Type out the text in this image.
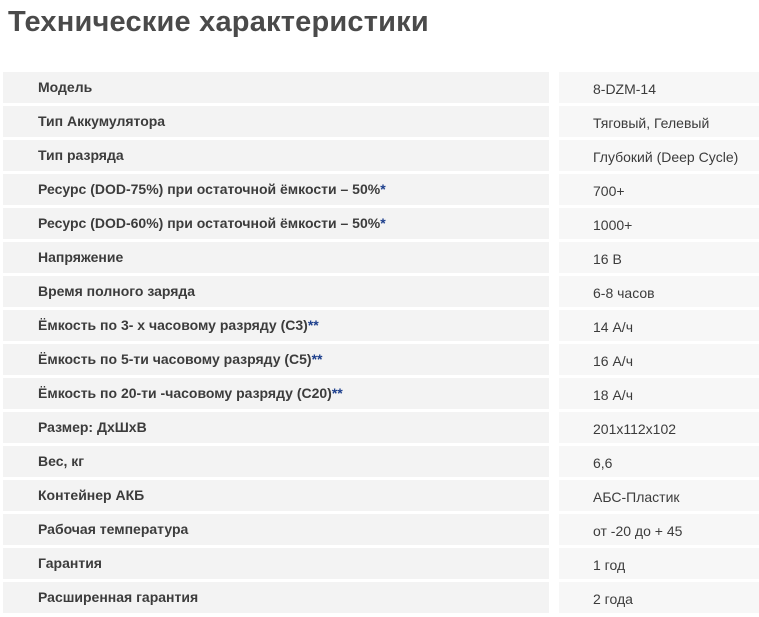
Технические характеристики
Модель	8-DZM-14
Тип Аккумулятора	Тяговый, Гелевый
Тип разряда	Глубокий (Deep Cycle)
Ресурс (DOD-75%) при остаточной ёмкости – 50%*	700+
Ресурс (DOD-60%) при остаточной ёмкости – 50%*	1000+
Напряжение	16 В
Время полного заряда	6-8 часов
Ёмкость по 3- х часовому разряду (С3)**	14 А/ч
Ёмкость по 5-ти часовому разряду (С5)**	16 А/ч
Ёмкость по 20-ти -часовому разряду (С20)**	18 А/ч
Размер: ДхШхВ	201x112x102
Вес, кг	6,6
Контейнер АКБ	АБС-Пластик
Рабочая температура	от -20 до + 45
Гарантия	1 год
Расширенная гарантия	2 года
